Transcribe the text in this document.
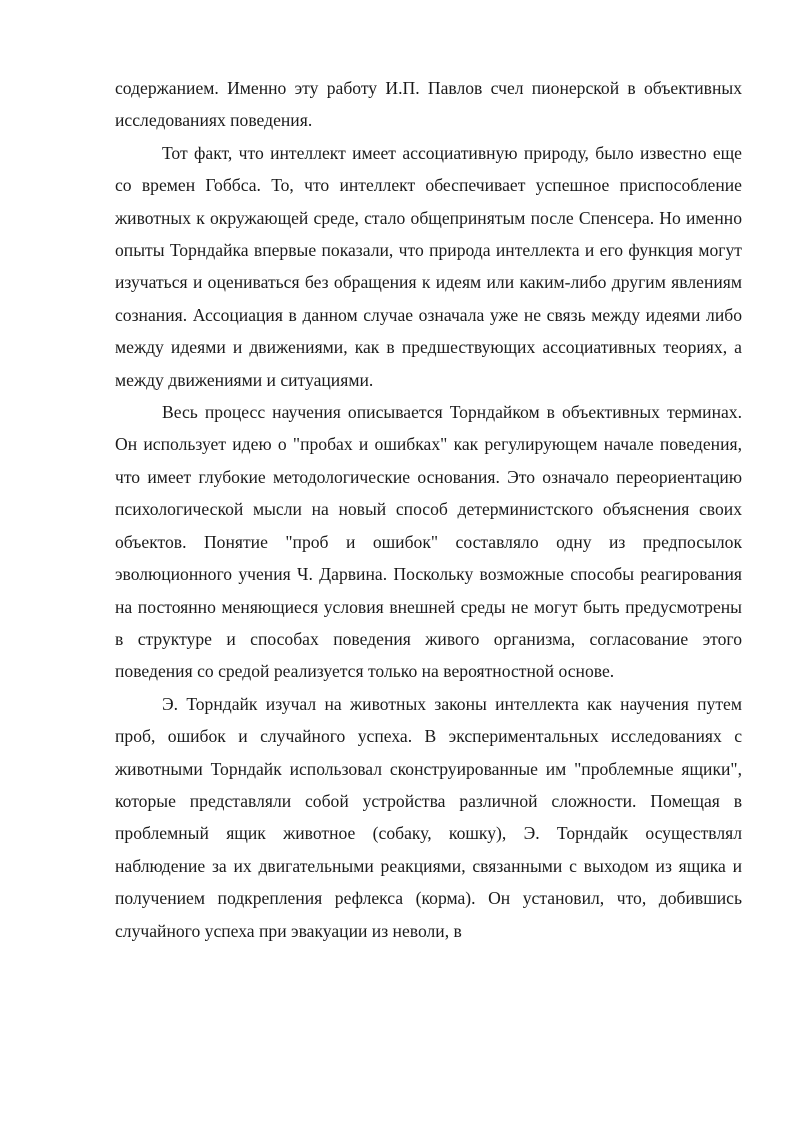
содержанием. Именно эту работу И.П. Павлов счел пионерской в объективных исследованиях поведения.

Тот факт, что интеллект имеет ассоциативную природу, было известно еще со времен Гоббса. То, что интеллект обеспечивает успешное приспособление животных к окружающей среде, стало общепринятым после Спенсера. Но именно опыты Торндайка впервые показали, что природа интеллекта и его функция могут изучаться и оцениваться без обращения к идеям или каким-либо другим явлениям сознания. Ассоциация в данном случае означала уже не связь между идеями либо между идеями и движениями, как в предшествующих ассоциативных теориях, а между движениями и ситуациями.

Весь процесс научения описывается Торндайком в объективных терминах. Он использует идею о "пробах и ошибках" как регулирующем начале поведения, что имеет глубокие методологические основания. Это означало переориентацию психологической мысли на новый способ детерминистского объяснения своих объектов. Понятие "проб и ошибок" составляло одну из предпосылок эволюционного учения Ч. Дарвина. Поскольку возможные способы реагирования на постоянно меняющиеся условия внешней среды не могут быть предусмотрены в структуре и способах поведения живого организма, согласование этого поведения со средой реализуется только на вероятностной основе.

Э. Торндайк изучал на животных законы интеллекта как научения путем проб, ошибок и случайного успеха. В экспериментальных исследованиях с животными Торндайк использовал сконструированные им "проблемные ящики", которые представляли собой устройства различной сложности. Помещая в проблемный ящик животное (собаку, кошку), Э. Торндайк осуществлял наблюдение за их двигательными реакциями, связанными с выходом из ящика и получением подкрепления рефлекса (корма). Он установил, что, добившись случайного успеха при эвакуации из неволи, в
